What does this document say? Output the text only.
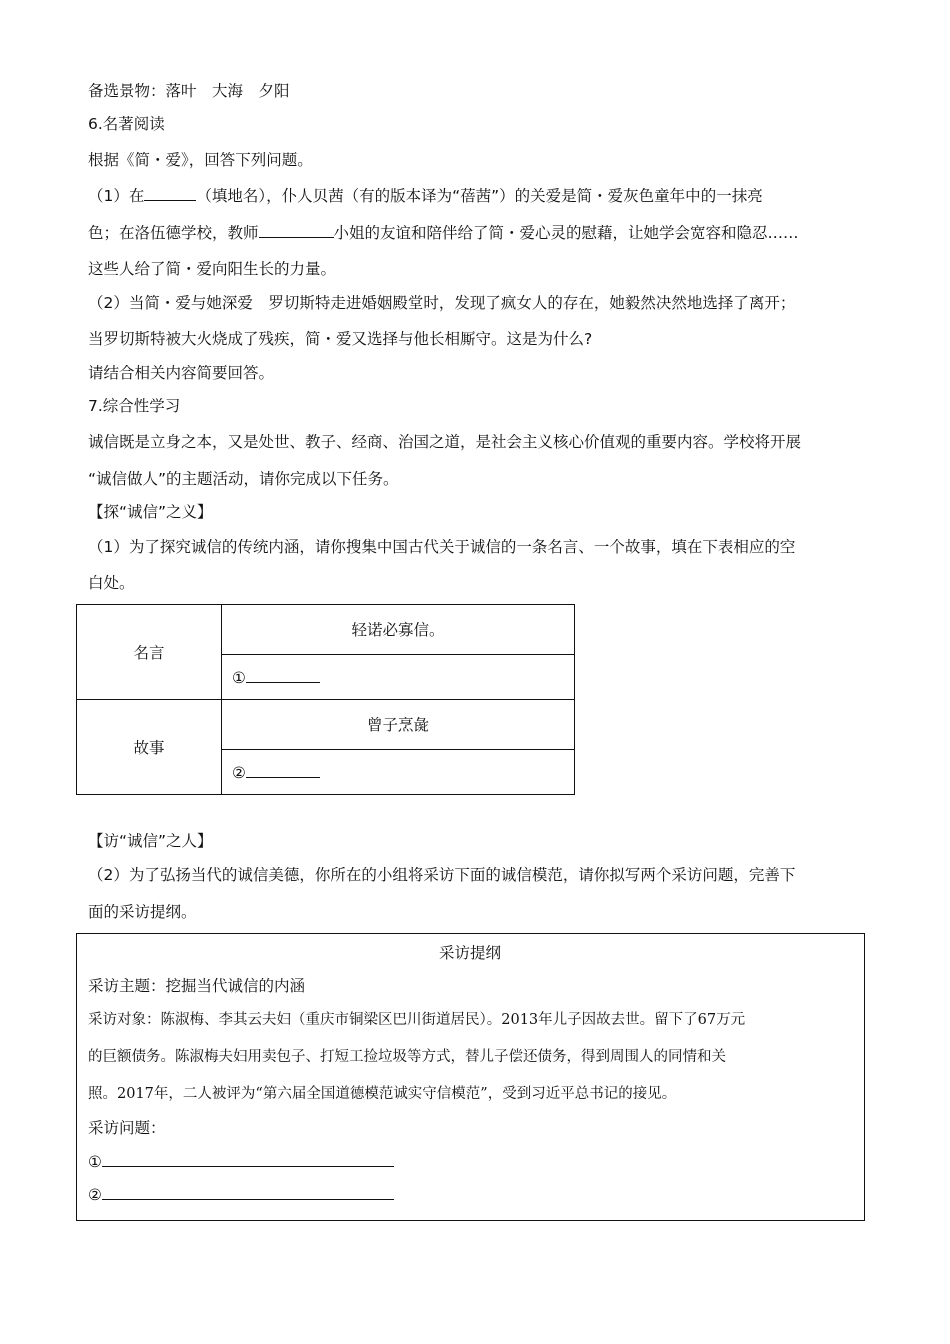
备选景物：落叶　大海　夕阳
6.名著阅读
根据《简・爱》，回答下列问题。
（1）在	（填地名），仆人贝茜（有的版本译为“蓓茜”）的关爱是简・爱灰色童年中的一抹亮
色；在洛伍德学校，教师	小姐的友谊和陪伴给了简・爱心灵的慰藉，让她学会宽容和隐忍……
这些人给了简・爱向阳生长的力量。
（2）当简・爱与她深爱　罗切斯特走进婚姻殿堂时，发现了疯女人的存在，她毅然决然地选择了离开；
当罗切斯特被大火烧成了残疾，简・爱又选择与他长相厮守。这是为什么?
请结合相关内容简要回答。
7.综合性学习
诚信既是立身之本，又是处世、教子、经商、治国之道，是社会主义核心价值观的重要内容。学校将开展
“诚信做人”的主题活动，请你完成以下任务。
【探“诚信”之义】
（1）为了探究诚信的传统内涵，请你搜集中国古代关于诚信的一条名言、一个故事，填在下表相应的空
白处。
名言	轻诺必寡信。
	①
故事	曾子烹彘
	②
【访“诚信”之人】
（2）为了弘扬当代的诚信美德，你所在的小组将采访下面的诚信模范，请你拟写两个采访问题，完善下
面的采访提纲。
采访提纲
采访主题：挖掘当代诚信的内涵
采访对象：陈淑梅、李其云夫妇（重庆市铜梁区巴川街道居民）。2013年儿子因故去世。留下了67万元
的巨额债务。陈淑梅夫妇用卖包子、打短工捡垃圾等方式，替儿子偿还债务，得到周围人的同情和关
照。2017年，二人被评为“第六届全国道德模范诚实守信模范”，受到习近平总书记的接见。
采访问题：
①
②
